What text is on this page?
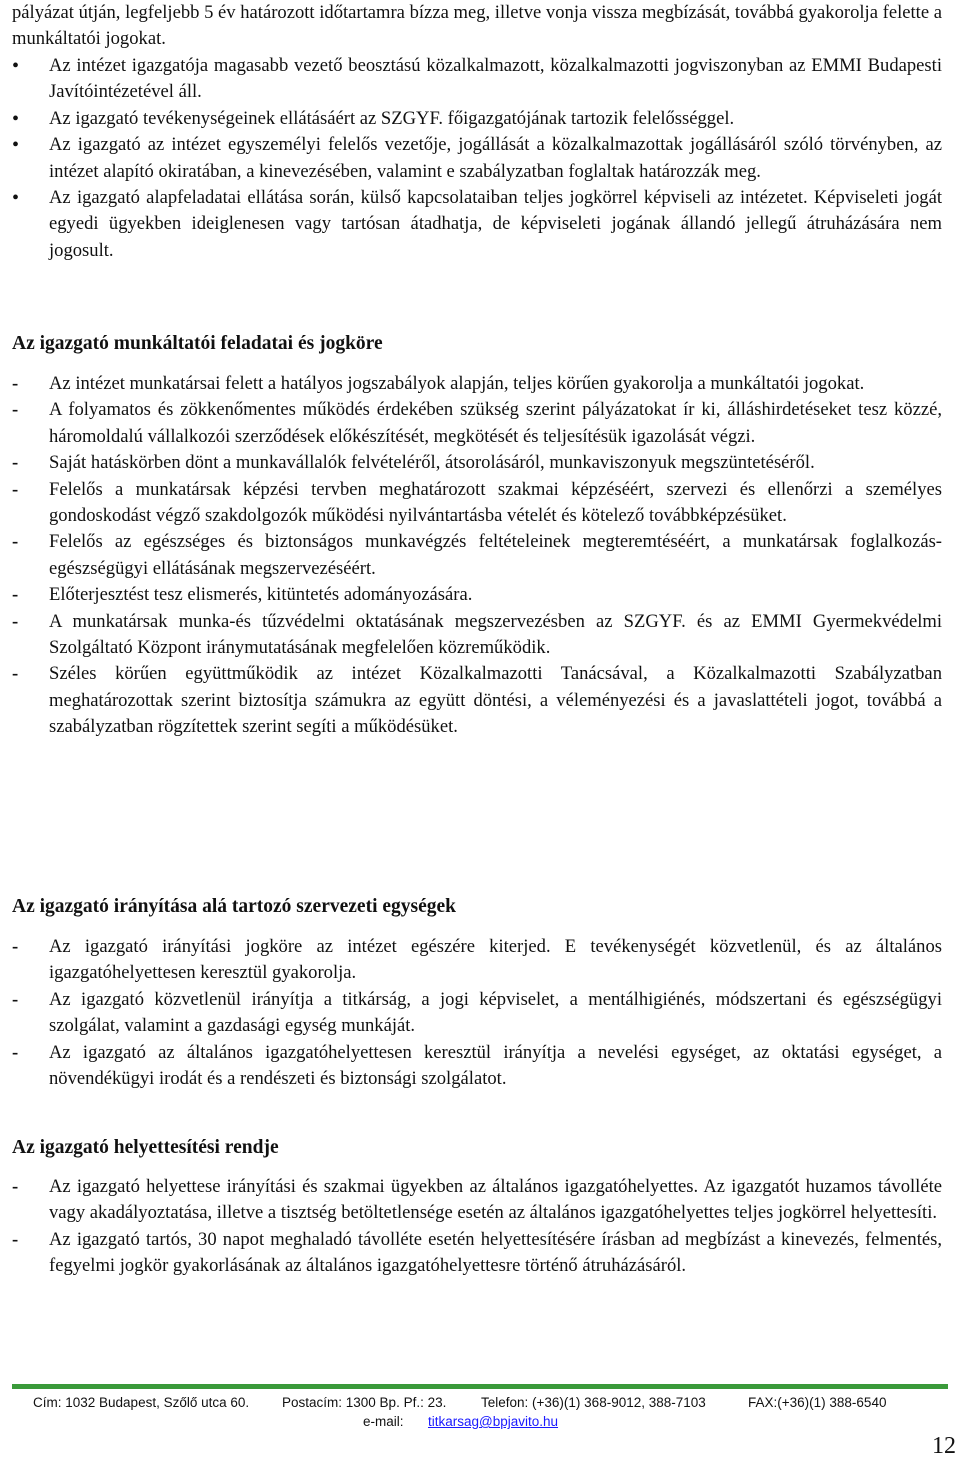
pályázat útján, legfeljebb 5 év határozott időtartamra bízza meg, illetve vonja vissza megbízását, továbbá gyakorolja felette a munkáltatói jogokat.
•	Az intézet igazgatója magasabb vezető beosztású közalkalmazott, közalkalmazotti jogviszonyban az EMMI Budapesti Javítóintézetével áll.
•	Az igazgató tevékenységeinek ellátásáért az SZGYF. főigazgatójának tartozik felelősséggel.
•	Az igazgató az intézet egyszemélyi felelős vezetője, jogállását a közalkalmazottak jogállásáról szóló törvényben, az intézet alapító okiratában, a kinevezésében, valamint e szabályzatban foglaltak határozzák meg.
•	Az igazgató alapfeladatai ellátása során, külső kapcsolataiban teljes jogkörrel képviseli az intézetet. Képviseleti jogát egyedi ügyekben ideiglenesen vagy tartósan átadhatja, de képviseleti jogának állandó jellegű átruházására nem jogosult.
Az igazgató munkáltatói feladatai és jogköre
-	Az intézet munkatársai felett a hatályos jogszabályok alapján, teljes körűen gyakorolja a munkáltatói jogokat.
-	A folyamatos és zökkenőmentes működés érdekében szükség szerint pályázatokat ír ki, álláshirdetéseket tesz közzé, háromoldalú vállalkozói szerződések előkészítését, megkötését és teljesítésük igazolását végzi.
-	Saját hatáskörben dönt a munkavállalók felvételéről, átsorolásáról, munkaviszonyuk megszüntetéséről.
-	Felelős a munkatársak képzési tervben meghatározott szakmai képzéséért, szervezi és ellenőrzi a személyes gondoskodást végző szakdolgozók működési nyilvántartásba vételét és kötelező továbbképzésüket.
-	Felelős az egészséges és biztonságos munkavégzés feltételeinek megteremtéséért, a munkatársak foglalkozás-egészségügyi ellátásának megszervezéséért.
-	Előterjesztést tesz elismerés, kitüntetés adományozására.
-	A munkatársak munka-és tűzvédelmi oktatásának megszervezésben az SZGYF. és az EMMI Gyermekvédelmi Szolgáltató Központ iránymutatásának megfelelően közreműködik.
-	Széles körűen együttműködik az intézet Közalkalmazotti Tanácsával, a Közalkalmazotti Szabályzatban meghatározottak szerint biztosítja számukra az együtt döntési, a véleményezési és a javaslattételi jogot, továbbá a szabályzatban rögzítettek szerint segíti a működésüket.
Az igazgató irányítása alá tartozó szervezeti egységek
-	Az igazgató irányítási jogköre az intézet egészére kiterjed. E tevékenységét közvetlenül, és az általános igazgatóhelyettesen keresztül gyakorolja.
-	Az igazgató közvetlenül irányítja a titkárság, a jogi képviselet, a mentálhigiénés, módszertani és egészségügyi szolgálat, valamint a gazdasági egység munkáját.
-	Az igazgató az általános igazgatóhelyettesen keresztül irányítja a nevelési egységet, az oktatási egységet, a növendékügyi irodát és a rendészeti és biztonsági szolgálatot.
Az igazgató helyettesítési rendje
-	Az igazgató helyettese irányítási és szakmai ügyekben az általános igazgatóhelyettes. Az igazgatót huzamos távolléte vagy akadályoztatása, illetve a tisztség betöltetlensége esetén az általános igazgatóhelyettes teljes jogkörrel helyettesíti.
-	Az igazgató tartós, 30 napot meghaladó távolléte esetén helyettesítésére írásban ad megbízást a kinevezés, felmentés, fegyelmi jogkör gyakorlásának az általános igazgatóhelyettesre történő átruházásáról.
Cím: 1032 Budapest, Szőlő utca 60. Postacím: 1300 Bp. Pf.: 23.	Telefon: (+36)(1) 368-9012, 388-7103	FAX:(+36)(1) 388-6540
e-mail: titkarsag@bpjavito.hu
12
